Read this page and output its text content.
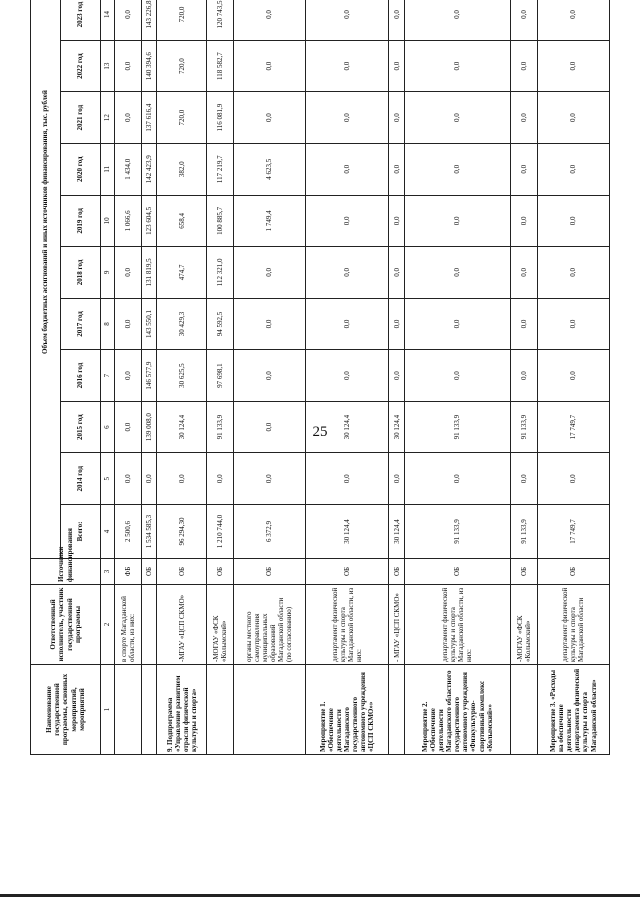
25
Наименование государственной программы, основных мероприятий, мероприятий	Ответственный исполнитель, участник государственной программы	Источники финансирования	Объем бюджетных ассигнований и иных источников финансирования, тыс. рублей												
			Всего:	2014 год	2015 год	2016 год	2017 год	2018 год	2019 год	2020 год	2021 год	2022 год	2023 год		
1	2	3	4	5	6	7	8	9	10	11	12	13	14		
	в спорте Магаданской области, из них:	ФБ	2 500,6	0,0	0,0	0,0	0,0	0,0	1 066,6	1 434,0	0,0	0,0	0,0		
		ОБ	1 534 585,3	0,0	139 008,0	146 577,9	143 550,1	131 819,5	123 604,5	142 423,9	137 616,4	140 394,6	143 226,8		
9. Подпрограмма «Управление развитием отрасли физической культуры и спорта»	-МГАУ «ЦСП СКМО»	ОБ	96 294,30	0,0	30 124,4	30 625,5	30 429,3	474,7	658,4	382,0	720,0	720,0	720,0		
	-МОГАУ «ФСК «Колымский»	ОБ	1 210 744,0	0,0	91 133,9	97 698,1	94 592,5	112 321,0	100 885,7	117 219,7	116 081,9	118 582,7	120 743,5		
	органы местного самоуправления муниципальных образований Магаданской области (по согласованию)	ОБ	6 372,9	0,0	0,0	0,0	0,0	0,0	1 749,4	4 623,5	0,0	0,0	0,0		
Мероприятие 1. «Обеспечение деятельности Магаданского государственного автономного учреждения «ЦСП СКМО»»	департамент физической культуры и спорта Магаданской области, из них:	ОБ	30 124,4	0,0	30 124,4	0,0	0,0	0,0	0,0	0,0	0,0	0,0	0,0		
	- МГАУ «ЦСП СКМО»	ОБ	30 124,4	0,0	30 124,4	0,0	0,0	0,0	0,0	0,0	0,0	0,0	0,0		
Мероприятие 2. «Обеспечение деятельности Магаданского областного государственного автономного учреждения «Физкультурно-спортивный комплекс «Колымский»»	департамент физической культуры и спорта Магаданской области, из них:	ОБ	91 133,9	0,0	91 133,9	0,0	0,0	0,0	0,0	0,0	0,0	0,0	0,0		
	-МОГАУ «ФСК «Колымский»	ОБ	91 133,9	0,0	91 133,9	0,0	0,0	0,0	0,0	0,0	0,0	0,0	0,0		
Мероприятие 3. «Расходы на обеспечение деятельности департамента физической культуры и спорта Магаданской области»	департамент физической культуры и спорта Магаданской области	ОБ	17 749,7	0,0	17 749,7	0,0	0,0	0,0	0,0	0,0	0,0	0,0	0,0		
